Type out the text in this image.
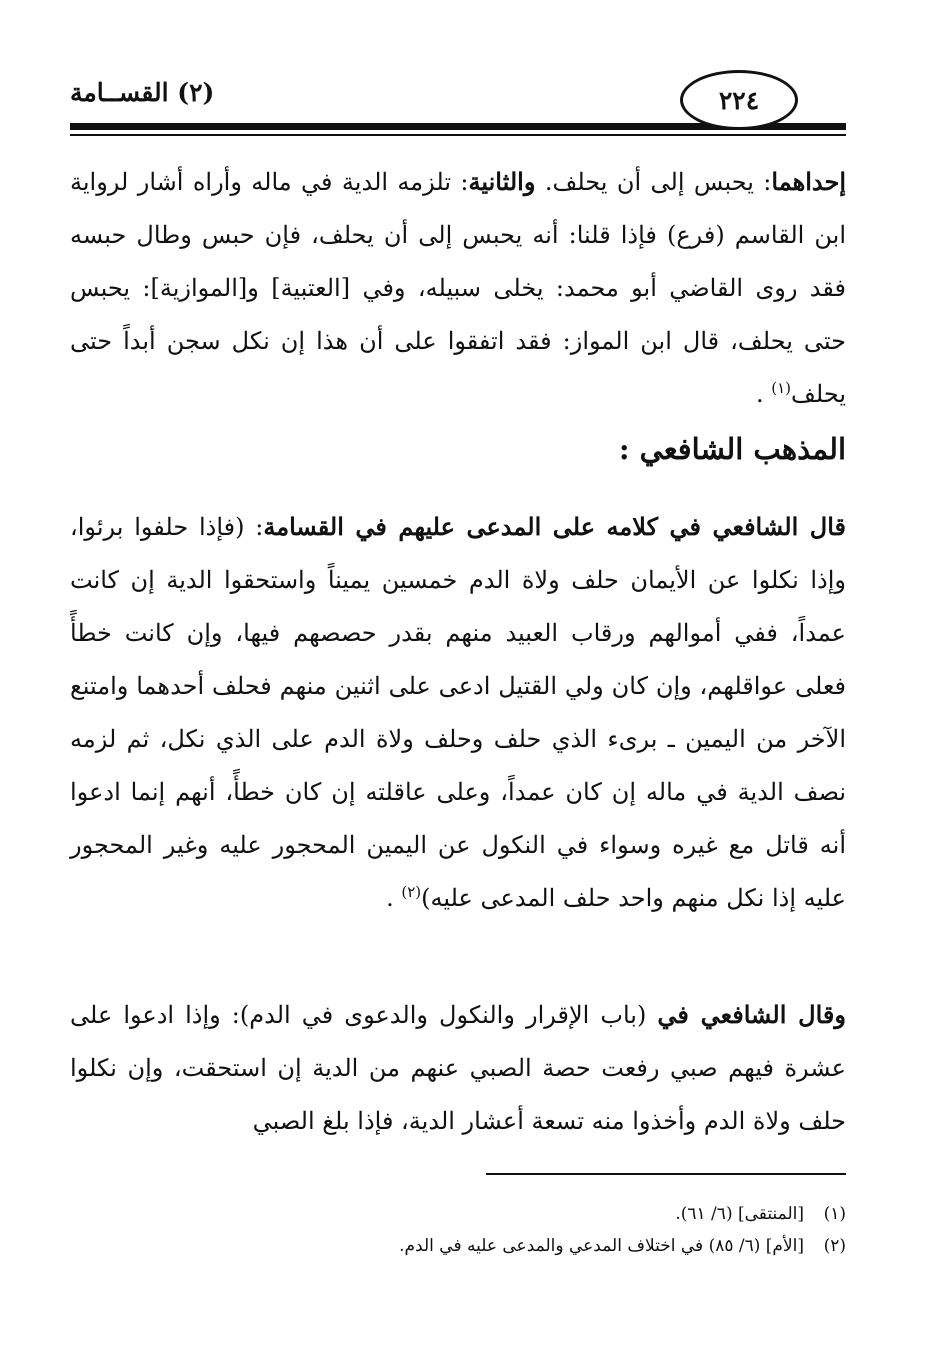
٢٢٤
(٢) القســامة
إحداهما: يحبس إلى أن يحلف. والثانية: تلزمه الدية في ماله وأراه أشار لرواية ابن القاسم (فرع) فإذا قلنا: أنه يحبس إلى أن يحلف، فإن حبس وطال حبسه فقد روى القاضي أبو محمد: يخلى سبيله، وفي [العتبية] و[الموازية]: يحبس حتى يحلف، قال ابن المواز: فقد اتفقوا على أن هذا إن نكل سجن أبداً حتى يحلف$^{(١)}$ .
المذهب الشافعي :
قال الشافعي في كلامه على المدعى عليهم في القسامة: (فإذا حلفوا برئوا، وإذا نكلوا عن الأيمان حلف ولاة الدم خمسين يميناً واستحقوا الدية إن كانت عمداً، ففي أموالهم ورقاب العبيد منهم بقدر حصصهم فيها، وإن كانت خطأً فعلى عواقلهم، وإن كان ولي القتيل ادعى على اثنين منهم فحلف أحدهما وامتنع الآخر من اليمين ـ برىء الذي حلف وحلف ولاة الدم على الذي نكل، ثم لزمه نصف الدية في ماله إن كان عمداً، وعلى عاقلته إن كان خطأً، أنهم إنما ادعوا أنه قاتل مع غيره وسواء في النكول عن اليمين المحجور عليه وغير المحجور عليه إذا نكل منهم واحد حلف المدعى عليه)$^{(٢)}$ .
وقال الشافعي في (باب الإقرار والنكول والدعوى في الدم): وإذا ادعوا على عشرة فيهم صبي رفعت حصة الصبي عنهم من الدية إن استحقت، وإن نكلوا حلف ولاة الدم وأخذوا منه تسعة أعشار الدية، فإذا بلغ الصبي
(١)[المنتقى] (٦/ ٦١).
(٢)[الأم] (٦/ ٨٥) في اختلاف المدعي والمدعى عليه في الدم.
